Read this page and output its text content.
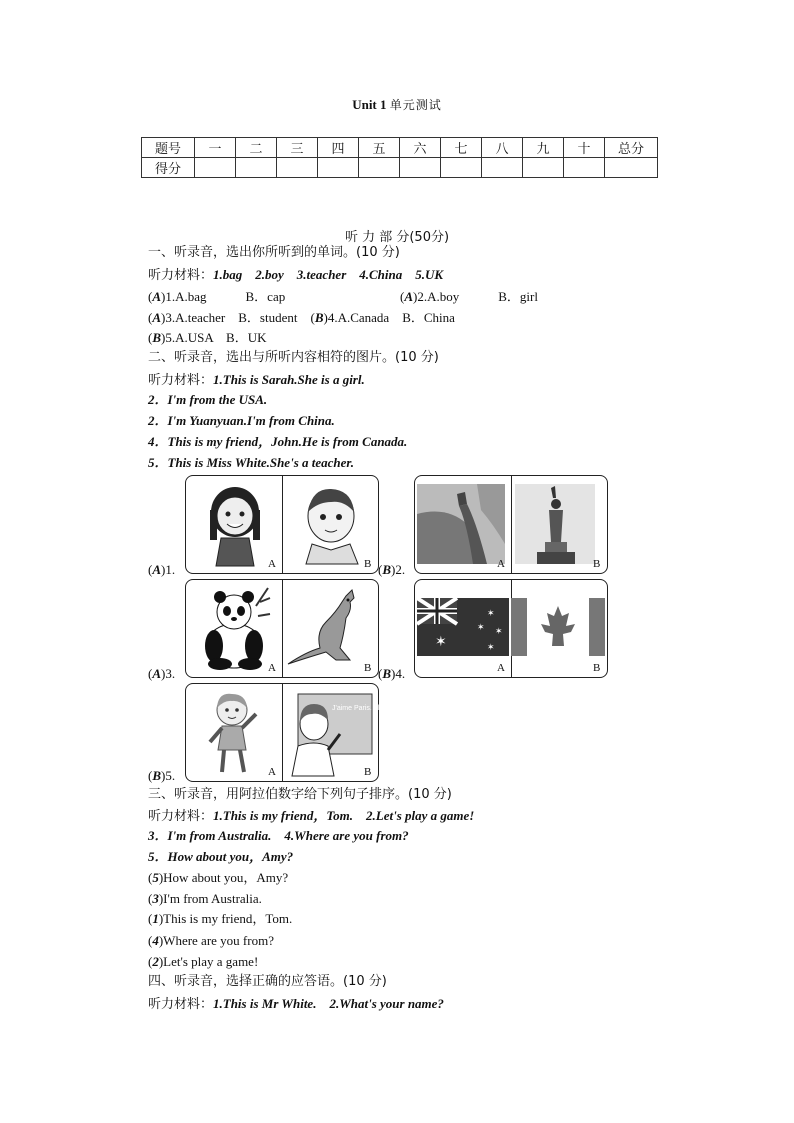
Unit 1 单元测试
题号	一	二	三	四	五	六	七	八	九	十	总分
得分											
听 力 部 分(50分)
一、听录音，选出你所听到的单词。(10 分)
听力材料：1.bag　2.boy　3.teacher　4.China　5.UK
(A)1.A.bag　　　B．cap	(A)2.A.boy　　　B．girl
(A)3.A.teacher　B．student　(B)4.A.Canada　B．China
(B)5.A.USA　B．UK
二、听录音，选出与所听内容相符的图片。(10 分)
听力材料：1.This is Sarah.She is a girl.
2．I'm from the USA.
2．I'm Yuanyuan.I'm from China.
4．This is my friend，John.He is from Canada.
5．This is Miss White.She's a teacher.
(A)1.	A	B (B)2.	A	B
(A)3.	A	B (B)4.
✶
✶
✶ ✶
✶
A	B
(B)5.
J'aime Paris. I love Paris.
A	B
三、听录音，用阿拉伯数字给下列句子排序。(10 分)
听力材料：1.This is my friend，Tom.　2.Let's play a game!
3．I'm from Australia.　4.Where are you from?
5．How about you，Amy?
(5)How about you，Amy?
(3)I'm from Australia.
(1)This is my friend，Tom.
(4)Where are you from?
(2)Let's play a game!
四、听录音，选择正确的应答语。(10 分)
听力材料：1.This is Mr White.　2.What's your name?
